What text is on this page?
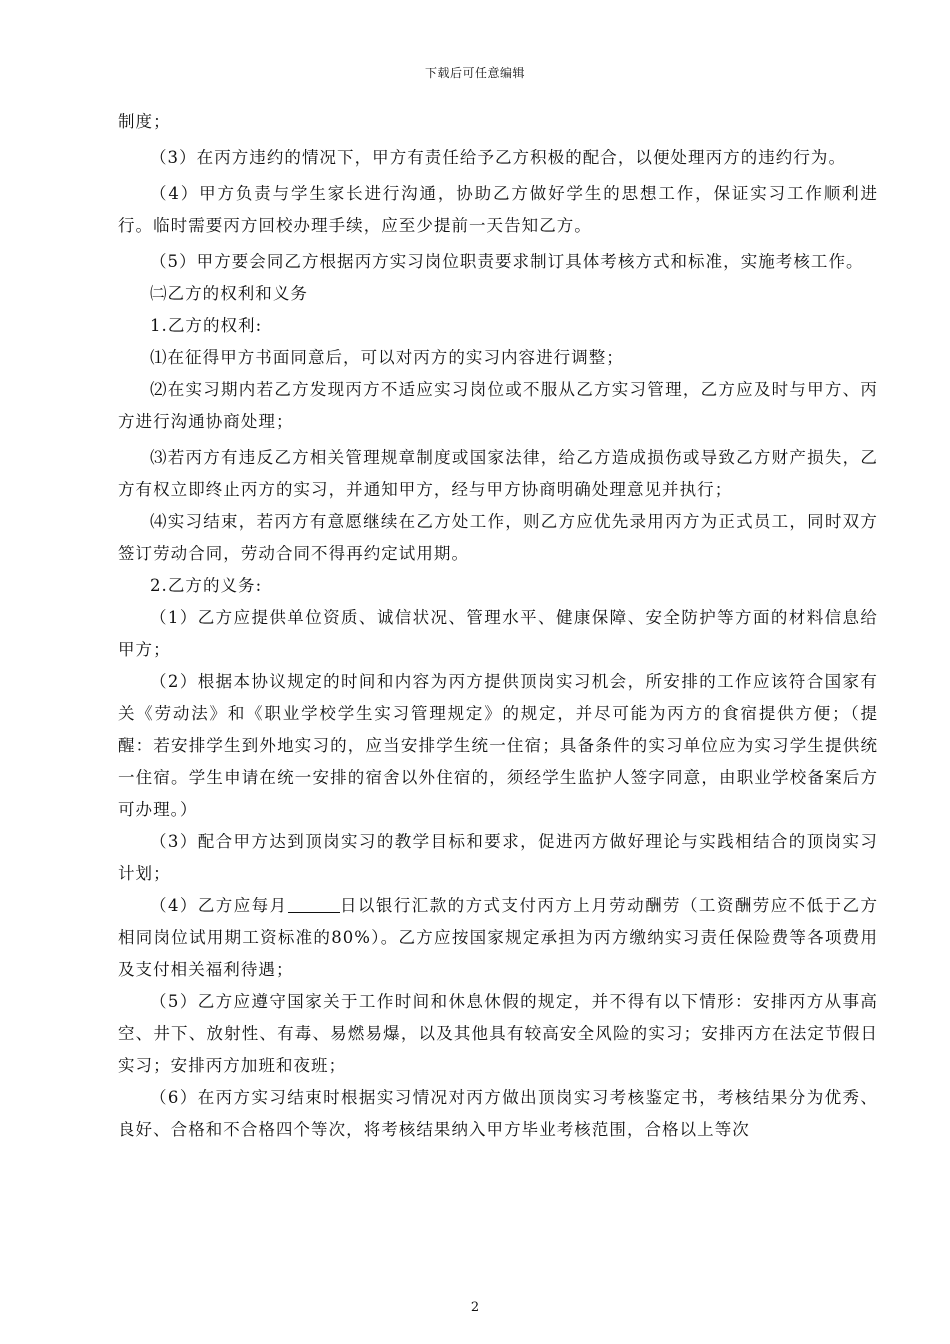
下载后可任意编辑

制度；

（3）在丙方违约的情况下，甲方有责任给予乙方积极的配合，以便处理丙方的违约行为。

（4）甲方负责与学生家长进行沟通，协助乙方做好学生的思想工作，保证实习工作顺利进行。临时需要丙方回校办理手续，应至少提前一天告知乙方。

（5）甲方要会同乙方根据丙方实习岗位职责要求制订具体考核方式和标准，实施考核工作。

㈡乙方的权利和义务

1.乙方的权利:

⑴在征得甲方书面同意后，可以对丙方的实习内容进行调整；

⑵在实习期内若乙方发现丙方不适应实习岗位或不服从乙方实习管理，乙方应及时与甲方、丙方进行沟通协商处理；

⑶若丙方有违反乙方相关管理规章制度或国家法律，给乙方造成损伤或导致乙方财产损失，乙方有权立即终止丙方的实习，并通知甲方，经与甲方协商明确处理意见并执行；

⑷实习结束，若丙方有意愿继续在乙方处工作，则乙方应优先录用丙方为正式员工，同时双方签订劳动合同，劳动合同不得再约定试用期。

2.乙方的义务:

（1）乙方应提供单位资质、诚信状况、管理水平、健康保障、安全防护等方面的材料信息给甲方；

（2）根据本协议规定的时间和内容为丙方提供顶岗实习机会，所安排的工作应该符合国家有关《劳动法》和《职业学校学生实习管理规定》的规定，并尽可能为丙方的食宿提供方便；（提醒：若安排学生到外地实习的，应当安排学生统一住宿；具备条件的实习单位应为实习学生提供统一住宿。学生申请在统一安排的宿舍以外住宿的，须经学生监护人签字同意，由职业学校备案后方可办理。）

（3）配合甲方达到顶岗实习的教学目标和要求，促进丙方做好理论与实践相结合的顶岗实习计划；

（4）乙方应每月	日以银行汇款的方式支付丙方上月劳动酬劳（工资酬劳应不低于乙方相同岗位试用期工资标准的80%）。乙方应按国家规定承担为丙方缴纳实习责任保险费等各项费用及支付相关福利待遇；

（5）乙方应遵守国家关于工作时间和休息休假的规定，并不得有以下情形：安排丙方从事高空、井下、放射性、有毒、易燃易爆，以及其他具有较高安全风险的实习；安排丙方在法定节假日实习；安排丙方加班和夜班；

（6）在丙方实习结束时根据实习情况对丙方做出顶岗实习考核鉴定书，考核结果分为优秀、良好、合格和不合格四个等次，将考核结果纳入甲方毕业考核范围，合格以上等次

2
